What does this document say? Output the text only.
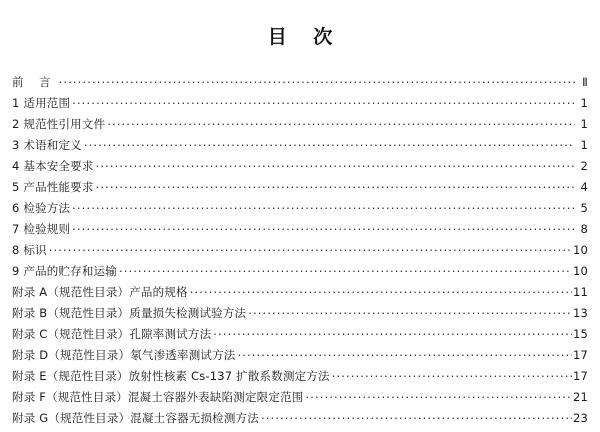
目 次
前 言 .....	Ⅱ
1 适用范围 .....	1
2 规范性引用文件 .....	1
3 术语和定义 .....	1
4 基本安全要求 .....	2
5 产品性能要求 .....	4
6 检验方法 .....	5
7 检验规则 .....	8
8 标识 .....	10
9 产品的贮存和运输 .....	10
附录 A（规范性目录）产品的规格 .....	11
附录 B（规范性目录）质量损失检测试验方法 .....	13
附录 C（规范性目录）孔隙率测试方法 .....	15
附录 D（规范性目录）氡气渗透率测试方法 .....	17
附录 E（规范性目录）放射性核素 Cs-137 扩散系数测定方法 .....	17
附录 F（规范性目录）混凝土容器外表缺陷测定限定范围 .....	21
附录 G（规范性目录）混凝土容器无损检测方法 .....	23
